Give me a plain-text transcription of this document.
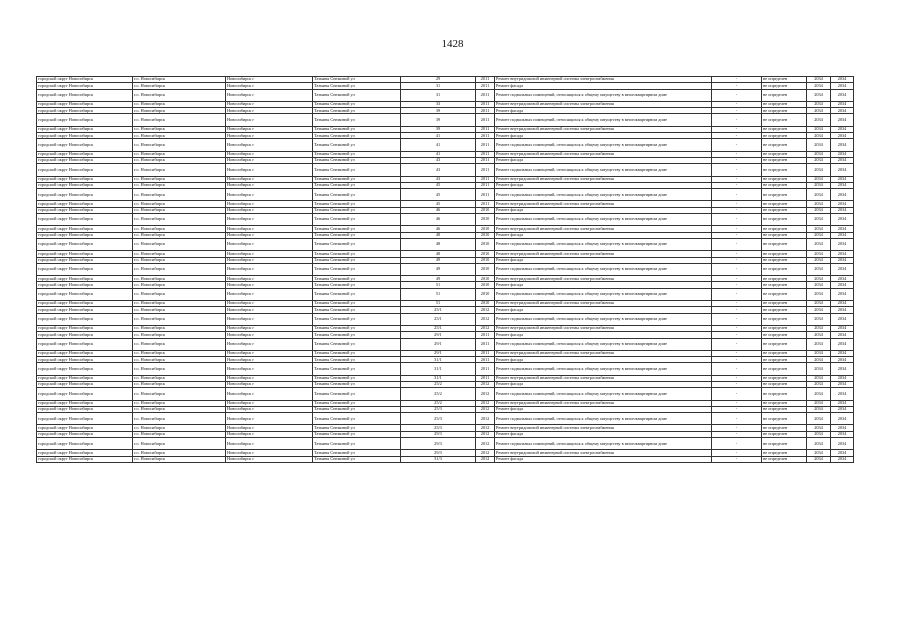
1428
городской округ Новосибирск	г.о. Новосибирск	Новосибирск г	Татьяны Снежиной ул	29	2011	Ремонт внутридомовой инженерной системы электроснабжения	-	не определен	2034	2034
городской округ Новосибирск	г.о. Новосибирск	Новосибирск г	Татьяны Снежиной ул	31	2011	Ремонт фасада	-	не определен	2034	2034
городской округ Новосибирск	г.о. Новосибирск	Новосибирск г	Татьяны Снежиной ул	31	2011	Ремонт подвальных помещений, относящихся к общему имуществу в многоквартирном доме	-	не определен	2034	2034
городской округ Новосибирск	г.о. Новосибирск	Новосибирск г	Татьяны Снежиной ул	33	2011	Ремонт внутридомовой инженерной системы электроснабжения	-	не определен	2034	2034
городской округ Новосибирск	г.о. Новосибирск	Новосибирск г	Татьяны Снежиной ул	39	2011	Ремонт фасада	-	не определен	2034	2034
городской округ Новосибирск	г.о. Новосибирск	Новосибирск г	Татьяны Снежиной ул	39	2011	Ремонт подвальных помещений, относящихся к общему имуществу в многоквартирном доме	-	не определен	2034	2034
городской округ Новосибирск	г.о. Новосибирск	Новосибирск г	Татьяны Снежиной ул	39	2011	Ремонт внутридомовой инженерной системы электроснабжения	-	не определен	2034	2034
городской округ Новосибирск	г.о. Новосибирск	Новосибирск г	Татьяны Снежиной ул	41	2011	Ремонт фасада	-	не определен	2034	2034
городской округ Новосибирск	г.о. Новосибирск	Новосибирск г	Татьяны Снежиной ул	41	2011	Ремонт подвальных помещений, относящихся к общему имуществу в многоквартирном доме	-	не определен	2034	2034
городской округ Новосибирск	г.о. Новосибирск	Новосибирск г	Татьяны Снежиной ул	41	2011	Ремонт внутридомовой инженерной системы электроснабжения	-	не определен	2034	2034
городской округ Новосибирск	г.о. Новосибирск	Новосибирск г	Татьяны Снежиной ул	43	2011	Ремонт фасада	-	не определен	2034	2034
городской округ Новосибирск	г.о. Новосибирск	Новосибирск г	Татьяны Снежиной ул	43	2011	Ремонт подвальных помещений, относящихся к общему имуществу в многоквартирном доме	-	не определен	2034	2034
городской округ Новосибирск	г.о. Новосибирск	Новосибирск г	Татьяны Снежиной ул	43	2011	Ремонт внутридомовой инженерной системы электроснабжения	-	не определен	2034	2034
городской округ Новосибирск	г.о. Новосибирск	Новосибирск г	Татьяны Снежиной ул	45	2011	Ремонт фасада	-	не определен	2034	2034
городской округ Новосибирск	г.о. Новосибирск	Новосибирск г	Татьяны Снежиной ул	45	2011	Ремонт подвальных помещений, относящихся к общему имуществу в многоквартирном доме	-	не определен	2034	2034
городской округ Новосибирск	г.о. Новосибирск	Новосибирск г	Татьяны Снежиной ул	45	2011	Ремонт внутридомовой инженерной системы электроснабжения	-	не определен	2034	2034
городской округ Новосибирск	г.о. Новосибирск	Новосибирск г	Татьяны Снежиной ул	46	2010	Ремонт фасада	-	не определен	2034	2034
городской округ Новосибирск	г.о. Новосибирск	Новосибирск г	Татьяны Снежиной ул	46	2010	Ремонт подвальных помещений, относящихся к общему имуществу в многоквартирном доме	-	не определен	2034	2034
городской округ Новосибирск	г.о. Новосибирск	Новосибирск г	Татьяны Снежиной ул	46	2010	Ремонт внутридомовой инженерной системы электроснабжения	-	не определен	2034	2034
городской округ Новосибирск	г.о. Новосибирск	Новосибирск г	Татьяны Снежиной ул	48	2010	Ремонт фасада	-	не определен	2034	2034
городской округ Новосибирск	г.о. Новосибирск	Новосибирск г	Татьяны Снежиной ул	48	2010	Ремонт подвальных помещений, относящихся к общему имуществу в многоквартирном доме	-	не определен	2034	2034
городской округ Новосибирск	г.о. Новосибирск	Новосибирск г	Татьяны Снежиной ул	48	2010	Ремонт внутридомовой инженерной системы электроснабжения	-	не определен	2034	2034
городской округ Новосибирск	г.о. Новосибирск	Новосибирск г	Татьяны Снежиной ул	49	2010	Ремонт фасада	-	не определен	2034	2034
городской округ Новосибирск	г.о. Новосибирск	Новосибирск г	Татьяны Снежиной ул	49	2010	Ремонт подвальных помещений, относящихся к общему имуществу в многоквартирном доме	-	не определен	2034	2034
городской округ Новосибирск	г.о. Новосибирск	Новосибирск г	Татьяны Снежиной ул	49	2010	Ремонт внутридомовой инженерной системы электроснабжения	-	не определен	2034	2034
городской округ Новосибирск	г.о. Новосибирск	Новосибирск г	Татьяны Снежиной ул	51	2010	Ремонт фасада	-	не определен	2034	2034
городской округ Новосибирск	г.о. Новосибирск	Новосибирск г	Татьяны Снежиной ул	51	2010	Ремонт подвальных помещений, относящихся к общему имуществу в многоквартирном доме	-	не определен	2034	2034
городской округ Новосибирск	г.о. Новосибирск	Новосибирск г	Татьяны Снежиной ул	51	2010	Ремонт внутридомовой инженерной системы электроснабжения	-	не определен	2034	2034
городской округ Новосибирск	г.о. Новосибирск	Новосибирск г	Татьяны Снежиной ул	25/1	2012	Ремонт фасада	-	не определен	2034	2034
городской округ Новосибирск	г.о. Новосибирск	Новосибирск г	Татьяны Снежиной ул	25/1	2012	Ремонт подвальных помещений, относящихся к общему имуществу в многоквартирном доме	-	не определен	2034	2034
городской округ Новосибирск	г.о. Новосибирск	Новосибирск г	Татьяны Снежиной ул	25/1	2012	Ремонт внутридомовой инженерной системы электроснабжения	-	не определен	2034	2034
городской округ Новосибирск	г.о. Новосибирск	Новосибирск г	Татьяны Снежиной ул	29/1	2011	Ремонт фасада	-	не определен	2034	2034
городской округ Новосибирск	г.о. Новосибирск	Новосибирск г	Татьяны Снежиной ул	29/1	2011	Ремонт подвальных помещений, относящихся к общему имуществу в многоквартирном доме	-	не определен	2034	2034
городской округ Новосибирск	г.о. Новосибирск	Новосибирск г	Татьяны Снежиной ул	29/1	2011	Ремонт внутридомовой инженерной системы электроснабжения	-	не определен	2034	2034
городской округ Новосибирск	г.о. Новосибирск	Новосибирск г	Татьяны Снежиной ул	31/1	2011	Ремонт фасада	-	не определен	2034	2034
городской округ Новосибирск	г.о. Новосибирск	Новосибирск г	Татьяны Снежиной ул	31/1	2011	Ремонт подвальных помещений, относящихся к общему имуществу в многоквартирном доме	-	не определен	2034	2034
городской округ Новосибирск	г.о. Новосибирск	Новосибирск г	Татьяны Снежиной ул	31/1	2011	Ремонт внутридомовой инженерной системы электроснабжения	-	не определен	2034	2034
городской округ Новосибирск	г.о. Новосибирск	Новосибирск г	Татьяны Снежиной ул	25/2	2012	Ремонт фасада	-	не определен	2034	2034
городской округ Новосибирск	г.о. Новосибирск	Новосибирск г	Татьяны Снежиной ул	25/2	2012	Ремонт подвальных помещений, относящихся к общему имуществу в многоквартирном доме	-	не определен	2034	2034
городской округ Новосибирск	г.о. Новосибирск	Новосибирск г	Татьяны Снежиной ул	25/2	2012	Ремонт внутридомовой инженерной системы электроснабжения	-	не определен	2034	2034
городской округ Новосибирск	г.о. Новосибирск	Новосибирск г	Татьяны Снежиной ул	25/3	2012	Ремонт фасада	-	не определен	2034	2034
городской округ Новосибирск	г.о. Новосибирск	Новосибирск г	Татьяны Снежиной ул	25/3	2012	Ремонт подвальных помещений, относящихся к общему имуществу в многоквартирном доме	-	не определен	2034	2034
городской округ Новосибирск	г.о. Новосибирск	Новосибирск г	Татьяны Снежиной ул	25/3	2012	Ремонт внутридомовой инженерной системы электроснабжения	-	не определен	2034	2034
городской округ Новосибирск	г.о. Новосибирск	Новосибирск г	Татьяны Снежиной ул	29/3	2012	Ремонт фасада	-	не определен	2034	2034
городской округ Новосибирск	г.о. Новосибирск	Новосибирск г	Татьяны Снежиной ул	29/3	2012	Ремонт подвальных помещений, относящихся к общему имуществу в многоквартирном доме	-	не определен	2034	2034
городской округ Новосибирск	г.о. Новосибирск	Новосибирск г	Татьяны Снежиной ул	29/3	2012	Ремонт внутридомовой инженерной системы электроснабжения	-	не определен	2034	2034
городской округ Новосибирск	г.о. Новосибирск	Новосибирск г	Татьяны Снежиной ул	31/3	2012	Ремонт фасада	-	не определен	2034	2034
